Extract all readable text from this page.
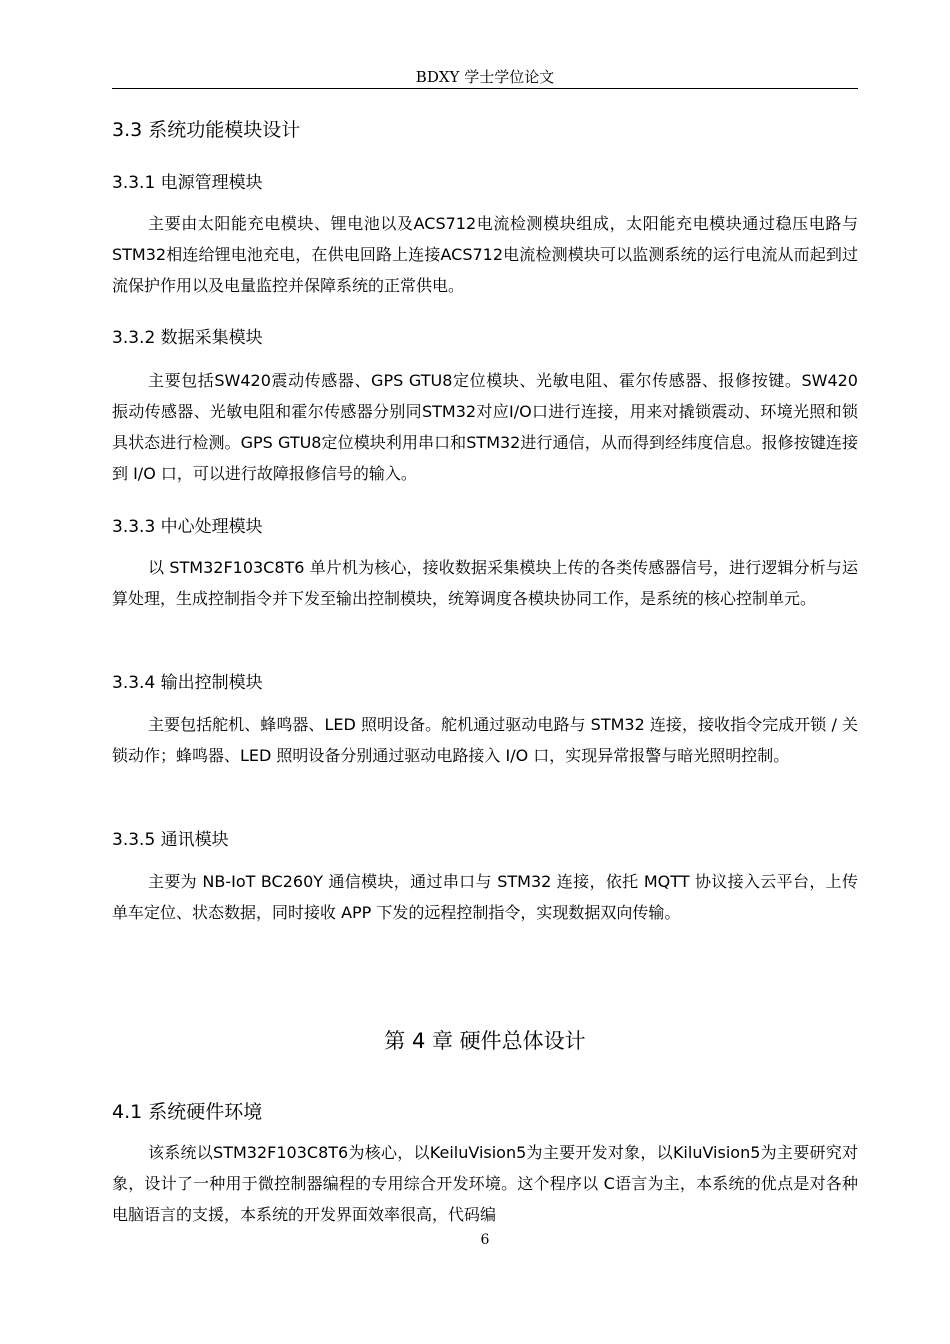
BDXY 学士学位论文
3.3 系统功能模块设计
3.3.1 电源管理模块

主要由太阳能充电模块、锂电池以及ACS712电流检测模块组成，太阳能充电模块通过稳压电路与STM32相连给锂电池充电，在供电回路上连接ACS712电流检测模块可以监测系统的运行电流从而起到过流保护作用以及电量监控并保障系统的正常供电。

3.3.2 数据采集模块

主要包括SW420震动传感器、GPS GTU8定位模块、光敏电阻、霍尔传感器、报修按键。SW420 振动传感器、光敏电阻和霍尔传感器分别同STM32对应I/O口进行连接，用来对撬锁震动、环境光照和锁具状态进行检测。GPS GTU8定位模块利用串口和STM32进行通信，从而得到经纬度信息。报修按键连接到 I/O 口，可以进行故障报修信号的输入。

3.3.3 中心处理模块

以 STM32F103C8T6 单片机为核心，接收数据采集模块上传的各类传感器信号，进行逻辑分析与运算处理，生成控制指令并下发至输出控制模块，统筹调度各模块协同工作，是系统的核心控制单元。

3.3.4 输出控制模块

主要包括舵机、蜂鸣器、LED 照明设备。舵机通过驱动电路与 STM32 连接，接收指令完成开锁 / 关锁动作；蜂鸣器、LED 照明设备分别通过驱动电路接入 I/O 口，实现异常报警与暗光照明控制。

3.3.5 通讯模块

主要为 NB-IoT BC260Y 通信模块，通过串口与 STM32 连接，依托 MQTT 协议接入云平台，上传单车定位、状态数据，同时接收 APP 下发的远程控制指令，实现数据双向传输。

第 4 章 硬件总体设计
4.1 系统硬件环境

该系统以STM32F103C8T6为核心，以KeiluVision5为主要开发对象，以KiluVision5为主要研究对象，设计了一种用于微控制器编程的专用综合开发环境。这个程序以 C语言为主，本系统的优点是对各种电脑语言的支援，本系统的开发界面效率很高，代码编

6
